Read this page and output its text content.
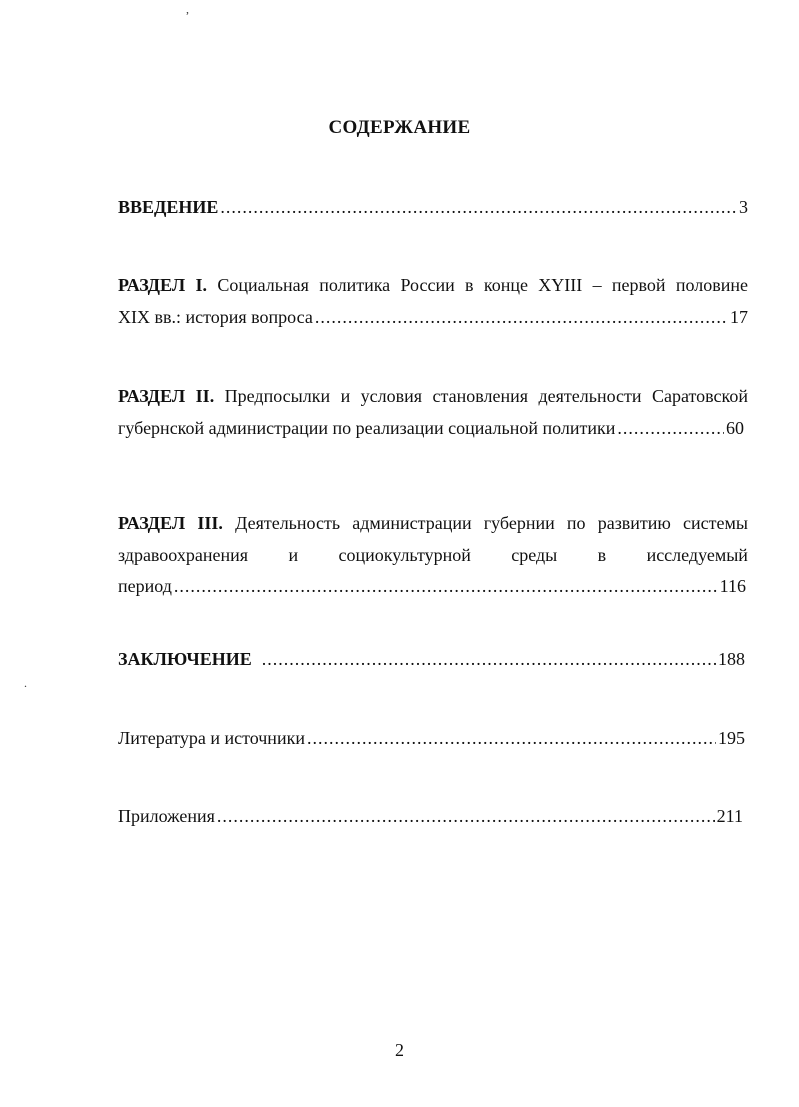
,
.
СОДЕРЖАНИЕ
ВВЕДЕНИЕ .....	3
РАЗДЕЛ I. Социальная политика России в конце XYIII – первой половине
XIX вв.: история вопроса .....	17
РАЗДЕЛ II. Предпосылки и условия становления деятельности Саратовской
губернской администрации по реализации социальной политики .....	60
РАЗДЕЛ III. Деятельность администрации губернии по развитию системы
здравоохранения и социокультурной среды в исследуемый
период .....	116
ЗАКЛЮЧЕНИЕ .....	188
Литература и источники .....	195
Приложения .....	211
2
